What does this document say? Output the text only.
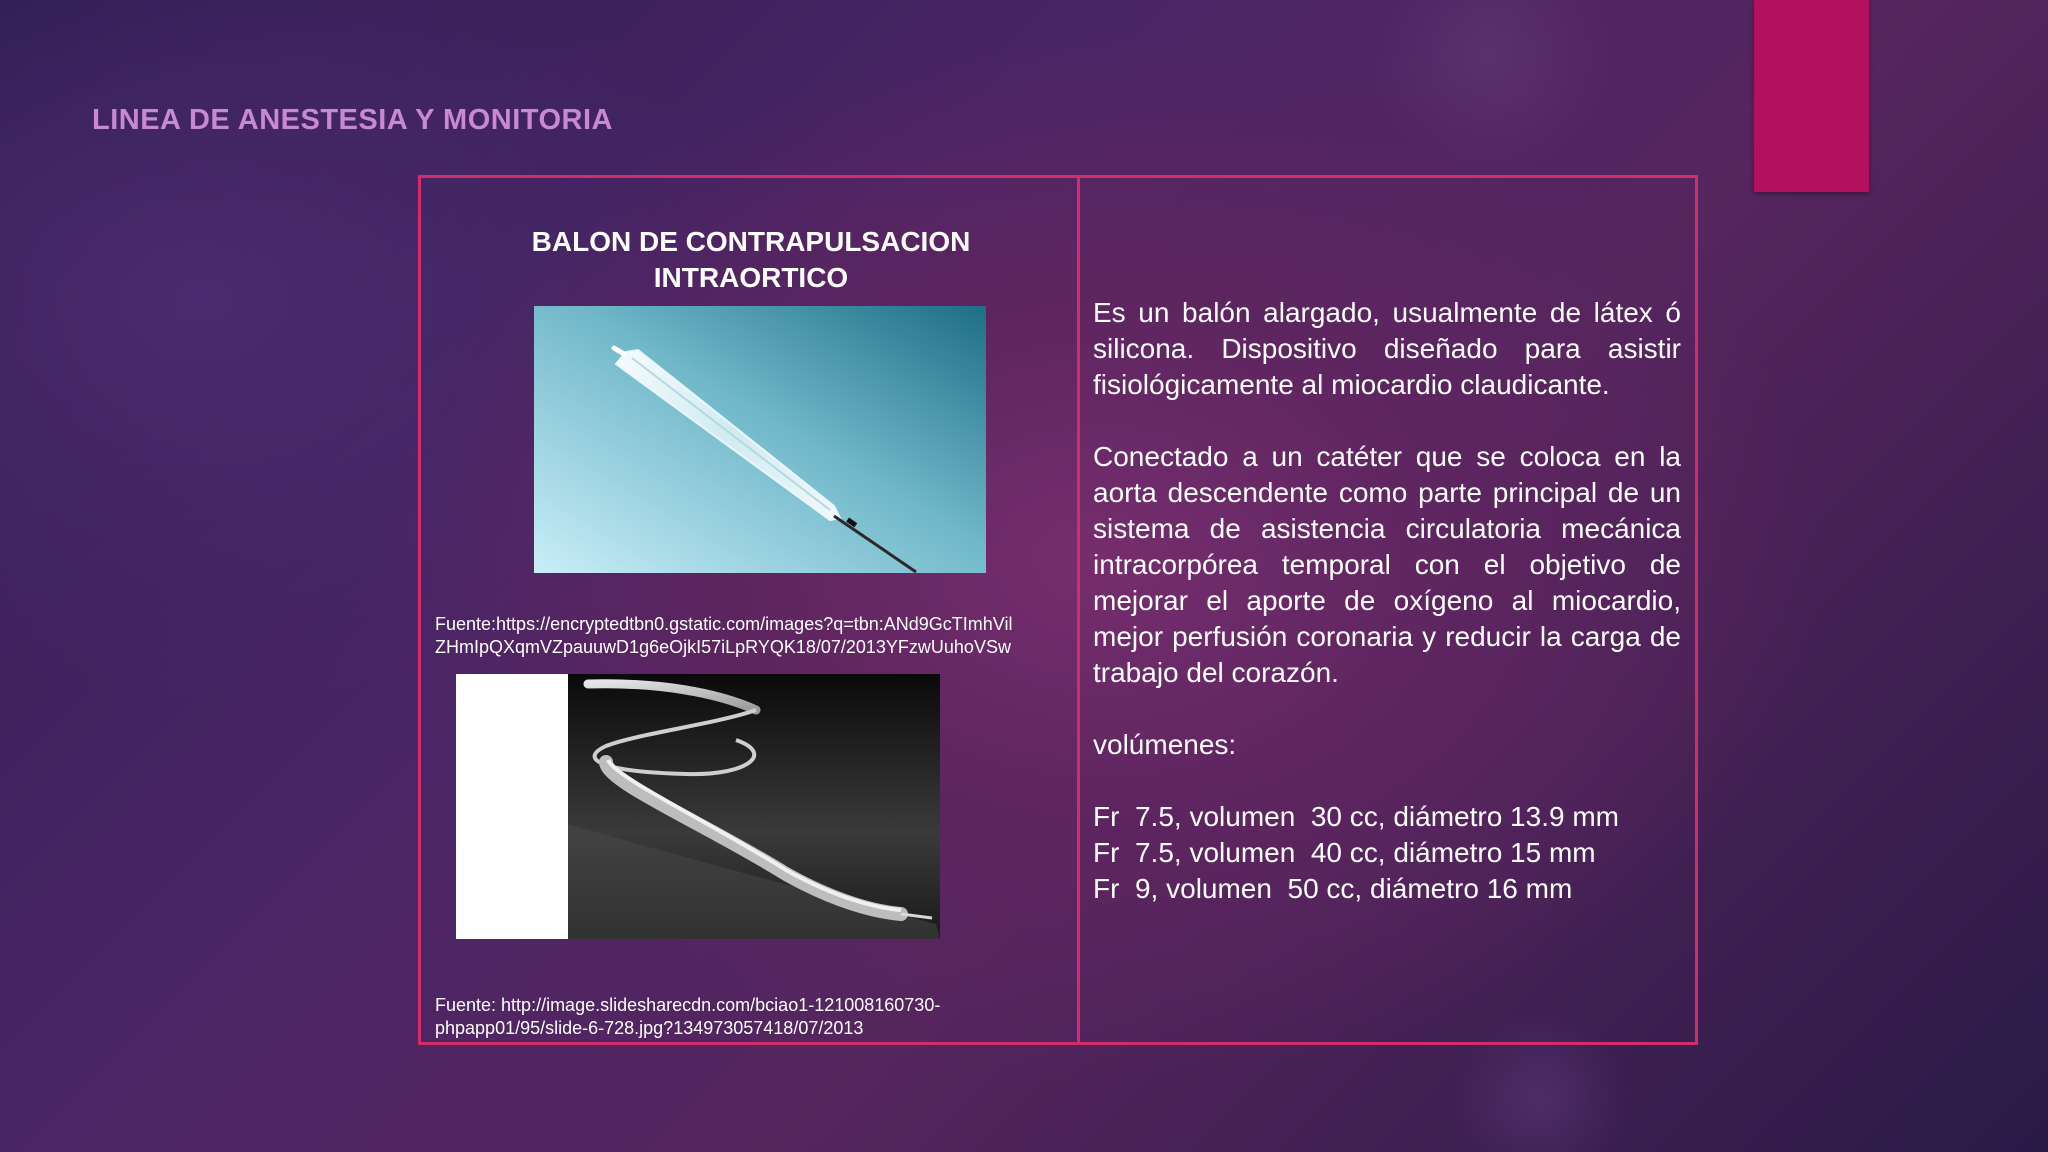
LINEA DE ANESTESIA Y MONITORIA
BALON DE CONTRAPULSACION INTRAORTICO
Fuente:https://encryptedtbn0.gstatic.com/images?q=tbn:ANd9GcTImhVil
ZHmIpQXqmVZpauuwD1g6eOjkI57iLpRYQK18/07/2013YFzwUuhoVSw
Fuente: http://image.slidesharecdn.com/bciao1-121008160730-
phpapp01/95/slide-6-728.jpg?134973057418/07/2013

Es un balón alargado, usualmente de látex ó silicona. Dispositivo diseñado para asistir fisiológicamente al miocardio claudicante.

Conectado a un catéter que se coloca en la aorta descendente como parte principal de un sistema de asistencia circulatoria mecánica intracorpórea temporal con el objetivo de mejorar el aporte de oxígeno al miocardio, mejor perfusión coronaria y reducir la carga de trabajo del corazón.

volúmenes:

Fr  7.5, volumen  30 cc, diámetro 13.9 mm

Fr  7.5, volumen  40 cc, diámetro 15 mm

Fr  9, volumen  50 cc, diámetro 16 mm
